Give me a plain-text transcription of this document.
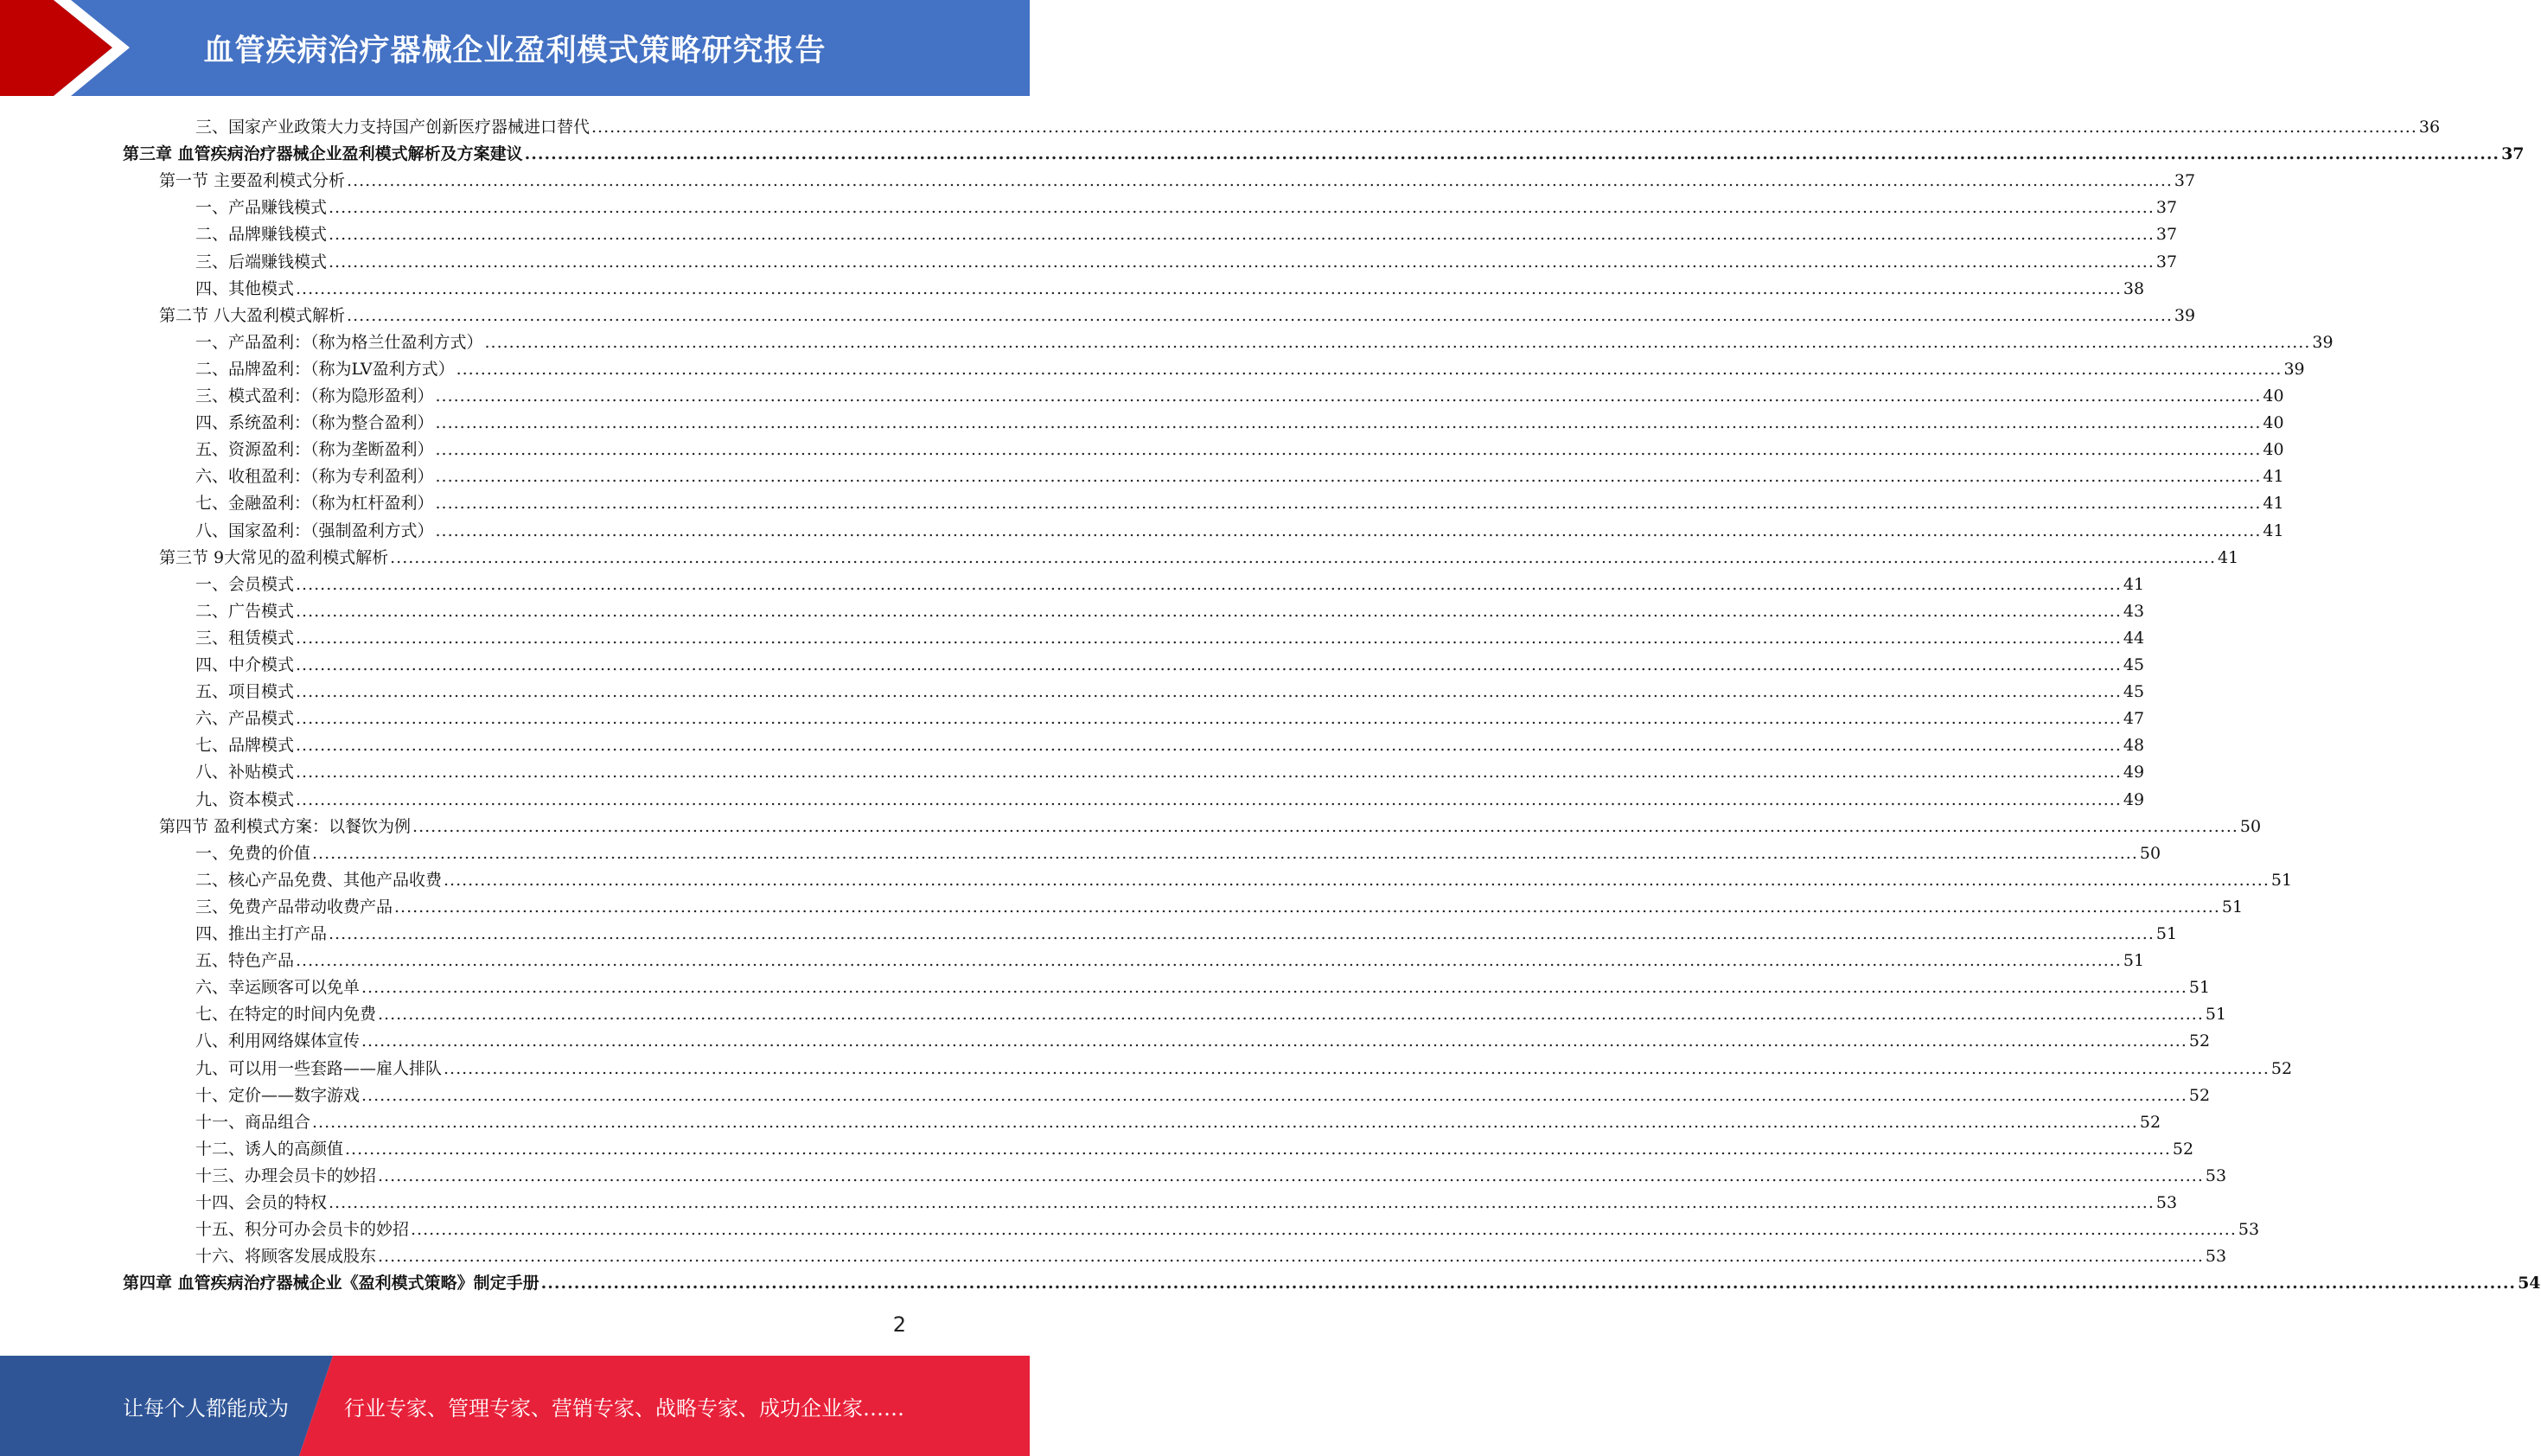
血管疾病治疗器械企业盈利模式策略研究报告
三、国家产业政策大力支持国产创新医疗器械进口替代 ............................................................................................................................................................................................................................................................................................................ 36
第三章 血管疾病治疗器械企业盈利模式解析及方案建议 ............................................................................................................................................................................................................................................................................................................ 37
第一节 主要盈利模式分析 ............................................................................................................................................................................................................................................................................................................ 37
一、产品赚钱模式 ............................................................................................................................................................................................................................................................................................................ 37
二、品牌赚钱模式 ............................................................................................................................................................................................................................................................................................................ 37
三、后端赚钱模式 ............................................................................................................................................................................................................................................................................................................ 37
四、其他模式 ............................................................................................................................................................................................................................................................................................................ 38
第二节 八大盈利模式解析 ............................................................................................................................................................................................................................................................................................................ 39
一、产品盈利：（称为格兰仕盈利方式） ............................................................................................................................................................................................................................................................................................................ 39
二、品牌盈利：（称为LV盈利方式） ............................................................................................................................................................................................................................................................................................................ 39
三、模式盈利：（称为隐形盈利） ............................................................................................................................................................................................................................................................................................................ 40
四、系统盈利：（称为整合盈利） ............................................................................................................................................................................................................................................................................................................ 40
五、资源盈利：（称为垄断盈利） ............................................................................................................................................................................................................................................................................................................ 40
六、收租盈利：（称为专利盈利） ............................................................................................................................................................................................................................................................................................................ 41
七、金融盈利：（称为杠杆盈利） ............................................................................................................................................................................................................................................................................................................ 41
八、国家盈利：（强制盈利方式） ............................................................................................................................................................................................................................................................................................................ 41
第三节 9大常见的盈利模式解析 ............................................................................................................................................................................................................................................................................................................ 41
一、会员模式 ............................................................................................................................................................................................................................................................................................................ 41
二、广告模式 ............................................................................................................................................................................................................................................................................................................ 43
三、租赁模式 ............................................................................................................................................................................................................................................................................................................ 44
四、中介模式 ............................................................................................................................................................................................................................................................................................................ 45
五、项目模式 ............................................................................................................................................................................................................................................................................................................ 45
六、产品模式 ............................................................................................................................................................................................................................................................................................................ 47
七、品牌模式 ............................................................................................................................................................................................................................................................................................................ 48
八、补贴模式 ............................................................................................................................................................................................................................................................................................................ 49
九、资本模式 ............................................................................................................................................................................................................................................................................................................ 49
第四节 盈利模式方案：以餐饮为例 ............................................................................................................................................................................................................................................................................................................ 50
一、免费的价值 ............................................................................................................................................................................................................................................................................................................ 50
二、核心产品免费、其他产品收费 ............................................................................................................................................................................................................................................................................................................ 51
三、免费产品带动收费产品 ............................................................................................................................................................................................................................................................................................................ 51
四、推出主打产品 ............................................................................................................................................................................................................................................................................................................ 51
五、特色产品 ............................................................................................................................................................................................................................................................................................................ 51
六、幸运顾客可以免单 ............................................................................................................................................................................................................................................................................................................ 51
七、在特定的时间内免费 ............................................................................................................................................................................................................................................................................................................ 51
八、利用网络媒体宣传 ............................................................................................................................................................................................................................................................................................................ 52
九、可以用一些套路——雇人排队 ............................................................................................................................................................................................................................................................................................................ 52
十、定价——数字游戏 ............................................................................................................................................................................................................................................................................................................ 52
十一、商品组合 ............................................................................................................................................................................................................................................................................................................ 52
十二、诱人的高颜值 ............................................................................................................................................................................................................................................................................................................ 52
十三、办理会员卡的妙招 ............................................................................................................................................................................................................................................................................................................ 53
十四、会员的特权 ............................................................................................................................................................................................................................................................................................................ 53
十五、积分可办会员卡的妙招 ............................................................................................................................................................................................................................................................................................................ 53
十六、将顾客发展成股东 ............................................................................................................................................................................................................................................................................................................ 53
第四章 血管疾病治疗器械企业《盈利模式策略》制定手册 ............................................................................................................................................................................................................................................................................................................ 54
2
让每个人都能成为	行业专家、管理专家、营销专家、战略专家、成功企业家……
